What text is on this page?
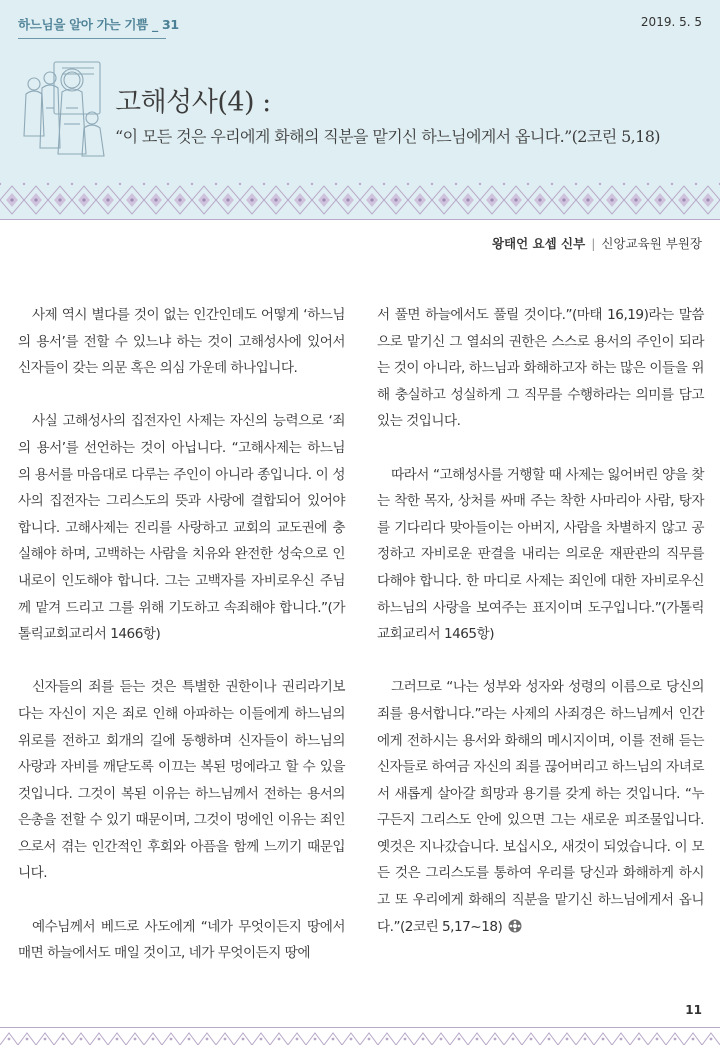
하느님을 알아 가는 기쁨 _ 31	2019. 5. 5
고해성사(4) :
“이 모든 것은 우리에게 화해의 직분을 맡기신 하느님에게서 옵니다.”(2코린 5,18)
왕태언 요셉 신부 | 신앙교육원 부원장

사제 역시 별다를 것이 없는 인간인데도 어떻게 ‘하느님의 용서’를 전할 수 있느냐 하는 것이 고해성사에 있어서 신자들이 갖는 의문 혹은 의심 가운데 하나입니다.

사실 고해성사의 집전자인 사제는 자신의 능력으로 ‘죄의 용서’를 선언하는 것이 아닙니다. “고해사제는 하느님의 용서를 마음대로 다루는 주인이 아니라 종입니다. 이 성사의 집전자는 그리스도의 뜻과 사랑에 결합되어 있어야 합니다. 고해사제는 진리를 사랑하고 교회의 교도권에 충실해야 하며, 고백하는 사람을 치유와 완전한 성숙으로 인내로이 인도해야 합니다. 그는 고백자를 자비로우신 주님께 맡겨 드리고 그를 위해 기도하고 속죄해야 합니다.”(가톨릭교회교리서 1466항)

신자들의 죄를 듣는 것은 특별한 권한이나 권리라기보다는 자신이 지은 죄로 인해 아파하는 이들에게 하느님의 위로를 전하고 회개의 길에 동행하며 신자들이 하느님의 사랑과 자비를 깨닫도록 이끄는 복된 멍에라고 할 수 있을 것입니다. 그것이 복된 이유는 하느님께서 전하는 용서의 은총을 전할 수 있기 때문이며, 그것이 멍에인 이유는 죄인으로서 겪는 인간적인 후회와 아픔을 함께 느끼기 때문입니다.

예수님께서 베드로 사도에게 “네가 무엇이든지 땅에서 매면 하늘에서도 매일 것이고, 네가 무엇이든지 땅에

서 풀면 하늘에서도 풀릴 것이다.”(마태 16,19)라는 말씀으로 맡기신 그 열쇠의 권한은 스스로 용서의 주인이 되라는 것이 아니라, 하느님과 화해하고자 하는 많은 이들을 위해 충실하고 성실하게 그 직무를 수행하라는 의미를 담고 있는 것입니다.

따라서 “고해성사를 거행할 때 사제는 잃어버린 양을 찾는 착한 목자, 상처를 싸매 주는 착한 사마리아 사람, 탕자를 기다리다 맞아들이는 아버지, 사람을 차별하지 않고 공정하고 자비로운 판결을 내리는 의로운 재판관의 직무를 다해야 합니다. 한 마디로 사제는 죄인에 대한 자비로우신 하느님의 사랑을 보여주는 표지이며 도구입니다.”(가톨릭교회교리서 1465항)

그러므로 “나는 성부와 성자와 성령의 이름으로 당신의 죄를 용서합니다.”라는 사제의 사죄경은 하느님께서 인간에게 전하시는 용서와 화해의 메시지이며, 이를 전해 듣는 신자들로 하여금 자신의 죄를 끊어버리고 하느님의 자녀로서 새롭게 살아갈 희망과 용기를 갖게 하는 것입니다. “누구든지 그리스도 안에 있으면 그는 새로운 피조물입니다. 옛것은 지나갔습니다. 보십시오, 새것이 되었습니다. 이 모든 것은 그리스도를 통하여 우리를 당신과 화해하게 하시고 또 우리에게 화해의 직분을 맡기신 하느님에게서 옵니다.”(2코린 5,17~18)

11
